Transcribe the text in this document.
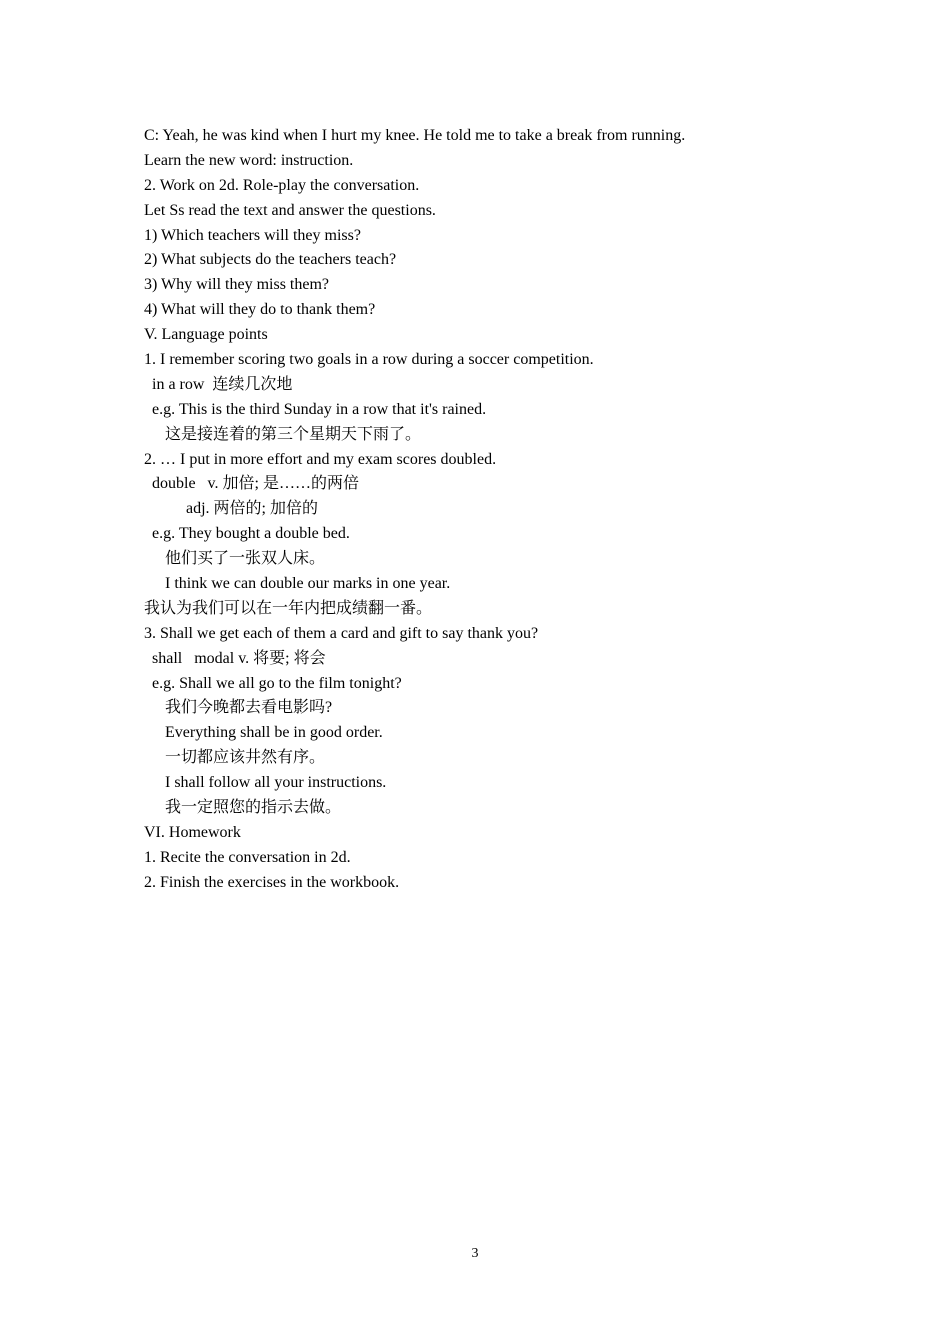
C: Yeah, he was kind when I hurt my knee. He told me to take a break from running.
Learn the new word: instruction.
2. Work on 2d. Role-play the conversation.
Let Ss read the text and answer the questions.
1) Which teachers will they miss?
2) What subjects do the teachers teach?
3) Why will they miss them?
4) What will they do to thank them?
V. Language points
1. I remember scoring two goals in a row during a soccer competition.
in a row  连续几次地
e.g. This is the third Sunday in a row that it's rained.
这是接连着的第三个星期天下雨了。
2. … I put in more effort and my exam scores doubled.
double   v. 加倍; 是……的两倍
adj. 两倍的; 加倍的
e.g. They bought a double bed.
他们买了一张双人床。
I think we can double our marks in one year.
我认为我们可以在一年内把成绩翻一番。
3. Shall we get each of them a card and gift to say thank you?
shall   modal v. 将要; 将会
e.g. Shall we all go to the film tonight?
我们今晚都去看电影吗?
Everything shall be in good order.
一切都应该井然有序。
I shall follow all your instructions.
我一定照您的指示去做。
VI. Homework
1. Recite the conversation in 2d.
2. Finish the exercises in the workbook.
3
